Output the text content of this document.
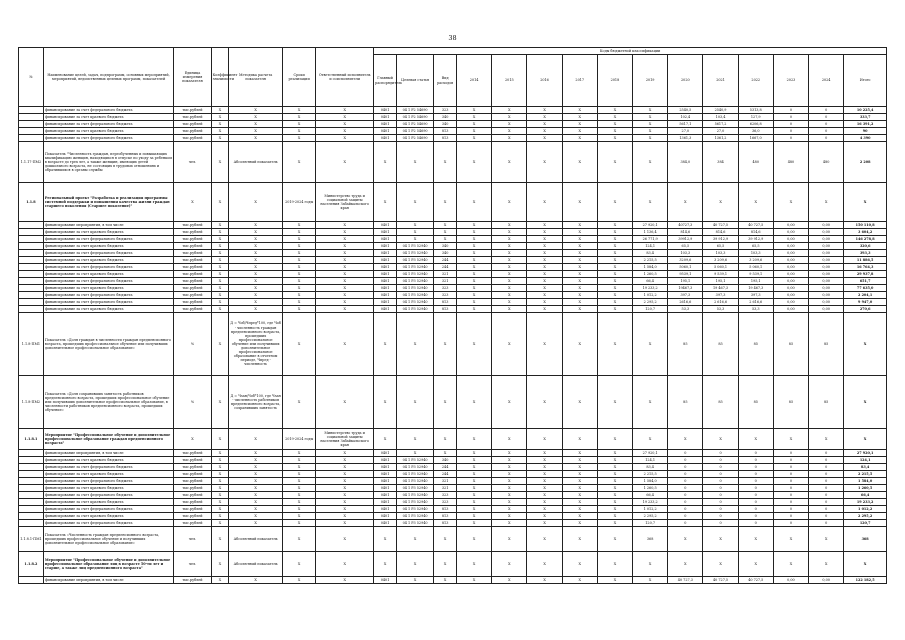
38
№	Наименование целей, задач, подпрограмм, основных мероприятий, мероприятий, ведомственных целевых программ, показателей	Единица измерения показателя	Коэффициент значимости	Методика расчета показателя	Сроки реализации	Ответственный исполнитель и соисполнители	Коды бюджетной классификации														
							Главный распорядитель	Целевая статья	Вид расходов	2014	2015	2016	2017	2018	2019	2020	2021	2022	2023	2024	Итого
	финансирование за счет федерального бюджета	тыс.рублей	X	X	X	X	0401	04 1 F2 54690	323	X	X	X	X	X	X	2540,5	2540,9	5313,8	0	0	10 225,4
	финансирование за счет краевого бюджета	тыс.рублей	X	X	X	X	0401	04 1 P2 54690	340	X	X	X	X	X	X	102,4	103,4	127,9	0	0	333,7
	финансирование за счет федерального бюджета	тыс.рублей	X	X	X	X	0401	04 1 P2 54690	340	X	X	X	X	X	X	5617,1	5617,2	6206,8	0	0	16 391,2
	финансирование за счет краевого бюджета	тыс.рублей	X	X	X	X	0401	04 1 P2 54690	813	X	X	X	X	X	X	27,0	27,0	36,0	0	0	90
	финансирование за счет федерального бюджета	тыс.рублей	X	X	X	X	0401	04 1 P2 54690	813	X	X	X	X	X	X	1361,3	1361,2	1667,0	0	0	4 390
1.1.17-ПМ2	Показатель "Численность граждан, переобученных и повышающих квалификацию женщин, находящихся в отпуске по уходу за ребенком в возрасте до трех лет, а также женщин, имеющих детей дошкольного возраста, не состоящих в трудовых отношениях и обратившихся в органы службы	чел.	X	Абсолютный показатель	X	X	X	X	X	X	X	X	X	X	X	384,0	384	480	480	480	2 208
1.1.8	Региональный проект "Разработка и реализация программы системной поддержки и повышения качества жизни граждан старшего поколения (Старшее поколение)"	X	X	X	2019-2024 годы	Министерство труда и социальной защиты населения Забайкальского края	X	X	X	X	X	X	X	X	X	X	X	X	X	X	X
	финансирование мероприятия, в том числе	тыс.рублей	X	X	X	X	0401	X	X	X	X	X	X	X	27 920,1	40727,3	40 727,5	40 727,5	0,00	0,00	150 110,8
	финансирование за счет краевого бюджета	тыс.рублей	X	X	X	X	0401	X	X	X	X	X	X	X	1 136,4	814,6	814,6	814,6	0,00	0,00	3 604,2
	финансирование за счет федерального бюджета	тыс.рублей	X	X	X	X	0401	X	X	X	X	X	X	X	26 771,9	39912,9	39 912,9	39 912,9	0,00	0,00	146 278,8
	финансирование за счет краевого бюджета	тыс.рублей	X	X	X	X	0401	04 1 P3 52940	340	X	X	X	X	X	124,1	65,5	65,5	65,5	0,00	0,00	320,6
	финансирование за счет федерального бюджета	тыс.рублей	X	X	X	X	0401	04 1 P3 52940	340	X	X	X	X	X	83,4	103,3	103,3	103,3	0,00	0,00	393,3
	финансирование за счет краевого бюджета	тыс.рублей	X	X	X	X	0401	04 1 P3 52940	244	X	X	X	X	X	2 215,5	3209,6	3 209,6	3 209,6	0,00	0,00	11 886,5
	финансирование за счет федерального бюджета	тыс.рублей	X	X	X	X	0401	04 1 P3 52940	244	X	X	X	X	X	1 584,0	5060,1	5 060,1	5 060,1	0,00	0,00	16 764,3
	финансирование за счет краевого бюджета	тыс.рублей	X	X	X	X	0401	04 1 P3 52940	321	X	X	X	X	X	1 260,5	9539,1	9 539,1	9 539,1	0,00	0,00	29 937,8
	финансирование за счет федерального бюджета	тыс.рублей	X	X	X	X	0401	04 1 P3 52940	321	X	X	X	X	X	66,4	195,1	195,1	195,1	0,00	0,00	651,7
	финансирование за счет краевого бюджета	тыс.рублей	X	X	X	X	0401	04 1 P3 52940	323	X	X	X	X	X	19 233,2	19467,3	19 467,3	19 467,3	0,00	0,00	77 635,0
	финансирование за счет федерального бюджета	тыс.рублей	X	X	X	X	0401	04 1 P3 52940	323	X	X	X	X	X	1 012,2	397,3	397,3	397,3	0,00	0,00	2 204,1
	финансирование за счет федерального бюджета	тыс.рублей	X	X	X	X	0401	04 1 P3 52940	813	X	X	X	X	X	2 295,2	2616,6	2 616,6	2 616,6	0,00	0,00	9 947,0
	финансирование за счет краевого бюджета	тыс.рублей	X	X	X	X	0401	04 1 P3 52940	813	X	X	X	X	X	120,7	53,3	53,3	53,3	0,00	0,00	270,6
1.1.8-ПМ1	Показатель «Доля граждан в численности граждан предпенсионного возраста, прошедших профессиональное обучение или получивших дополнительное профессиональное образование»	%	X	Д = Чоб/Чпред*100, где Чоб - численность граждан предпенсионного возраста, прошедших профессиональное обучение или получивших дополнительное профессиональное образование в отчетном периоде, Чпред - численность	X	X	X	X	X	X	X	X	X	X	X	85	85	85	85	85	X
1.1.8-ПМ2	Показатель «Доля сохранивших занятость работников предпенсионного возраста, прошедших профессиональное обучение или получивших дополнительное профессиональное образование, в численности работников предпенсионного возраста, прошедших обучение»	%	X	Д = Чзан/Чоб*100, где Чзан - численность работников предпенсионного возраста, сохранивших занятость	X	X	X	X	X	X	X	X	X	X	X	85	85	85	85	85	X
1.1.8.1	Мероприятие "Профессиональное обучение и дополнительное профессиональное образование граждан предпенсионного возраста"	X	X	X	2019-2024 годы	Министерство труда и социальной защиты населения Забайкальского края	X	X	X	X	X	X	X	X	X	X	X	X	X	X	X
	финансирование мероприятия, в том числе	тыс.рублей	X	X	X	X	0401	X	X	X	X	X	X	X	27 920,1	0	0	0	0	0	27 920,1
	финансирование за счет краевого бюджета	тыс.рублей	X	X	X	X	0401	04 1 P3 52940	340	X	X	X	X	X	124,1	0	0	0	0	0	124,1
	финансирование за счет федерального бюджета	тыс.рублей	X	X	X	X	0401	04 1 P3 52940	244	X	X	X	X	X	83,4	0	0	0	0	0	83,4
	финансирование за счет краевого бюджета	тыс.рублей	X	X	X	X	0401	04 1 P3 52940	244	X	X	X	X	X	2 215,5	0	0	0	0	0	2 215,5
	финансирование за счет федерального бюджета	тыс.рублей	X	X	X	X	0401	04 1 P3 52940	321	X	X	X	X	X	1 584,0	0	0	0	0	0	1 584,0
	финансирование за счет краевого бюджета	тыс.рублей	X	X	X	X	0401	04 1 P3 52940	321	X	X	X	X	X	1 260,5	0	0	0	0	0	1 260,5
	финансирование за счет федерального бюджета	тыс.рублей	X	X	X	X	0401	04 1 P3 52940	323	X	X	X	X	X	66,4	0	0	0	0	0	66,4
	финансирование за счет краевого бюджета	тыс.рублей	X	X	X	X	0401	04 1 P3 52940	323	X	X	X	X	X	19 233,2	0	0	0	0	0	19 233,2
	финансирование за счет федерального бюджета	тыс.рублей	X	X	X	X	0401	04 1 P3 52940	813	X	X	X	X	X	1 012,2	0	0	0	0	0	1 012,2
	финансирование за счет краевого бюджета	тыс.рублей	X	X	X	X	0401	04 1 P3 52940	813	X	X	X	X	X	2 295,2	0	0	0	0	0	2 295,2
	финансирование за счет федерального бюджета	тыс.рублей	X	X	X	X	0401	04 1 P3 52940	813	X	X	X	X	X	120,7	0	0	0	0	0	120,7
1.1.8.1-ПМ1	Показатель «Численность граждан предпенсионного возраста, прошедших профессиональное обучение и получивших дополнительное профессиональное образование»	чел.	X	Абсолютный показатель	X	X	X	X	X	X	X	X	X	X	368	X	X	X	X	X	368
1.1.8.2	Мероприятие "Профессиональное обучение и дополнительное профессиональное образование лиц в возрасте 50-ти лет и старше, а также лиц предпенсионного возраста"	чел.	X	Абсолютный показатель	X	X	X	X	X	X	X	X	X	X	X	X	X	X	X	X	X
	финансирование мероприятия, в том числе	тыс.рублей	X	X	X	X	0401	X	X	X	X	X	X	X	X	40 727,3	40 727,5	40 727,5	0,00	0,00	122 182,5
